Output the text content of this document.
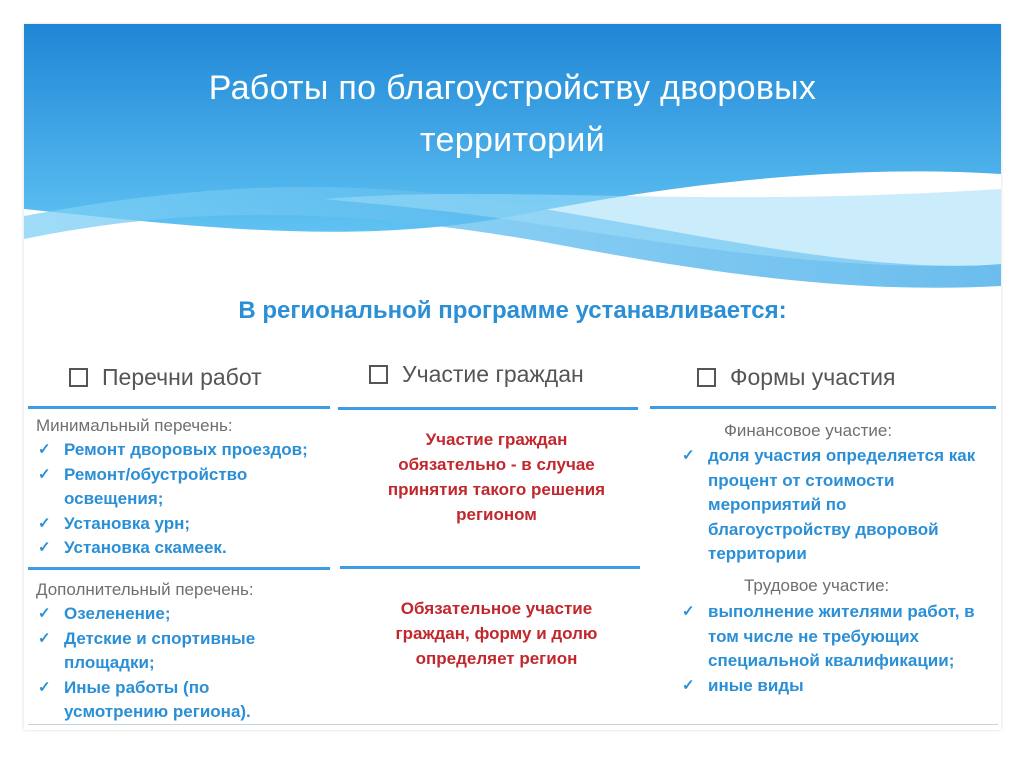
Работы по благоустройству дворовых
территорий
В региональной программе устанавливается:
Перечни работ	Участие граждан	Формы участия
Минимальный перечень:
✓ Ремонт дворовых проездов;
✓ Ремонт/обустройство освещения;
✓ Установка урн;
✓ Установка скамеек.
Дополнительный перечень:
✓ Озеленение;
✓ Детские и спортивные площадки;
✓ Иные работы (по усмотрению региона).
Участие граждан обязательно - в случае принятия такого решения регионом
Обязательное участие граждан, форму и долю определяет регион
Финансовое участие:
✓ доля участия определяется как процент от стоимости мероприятий по благоустройству дворовой территории
Трудовое участие:
✓ выполнение жителями работ, в том числе не требующих специальной квалификации;
✓ иные виды
